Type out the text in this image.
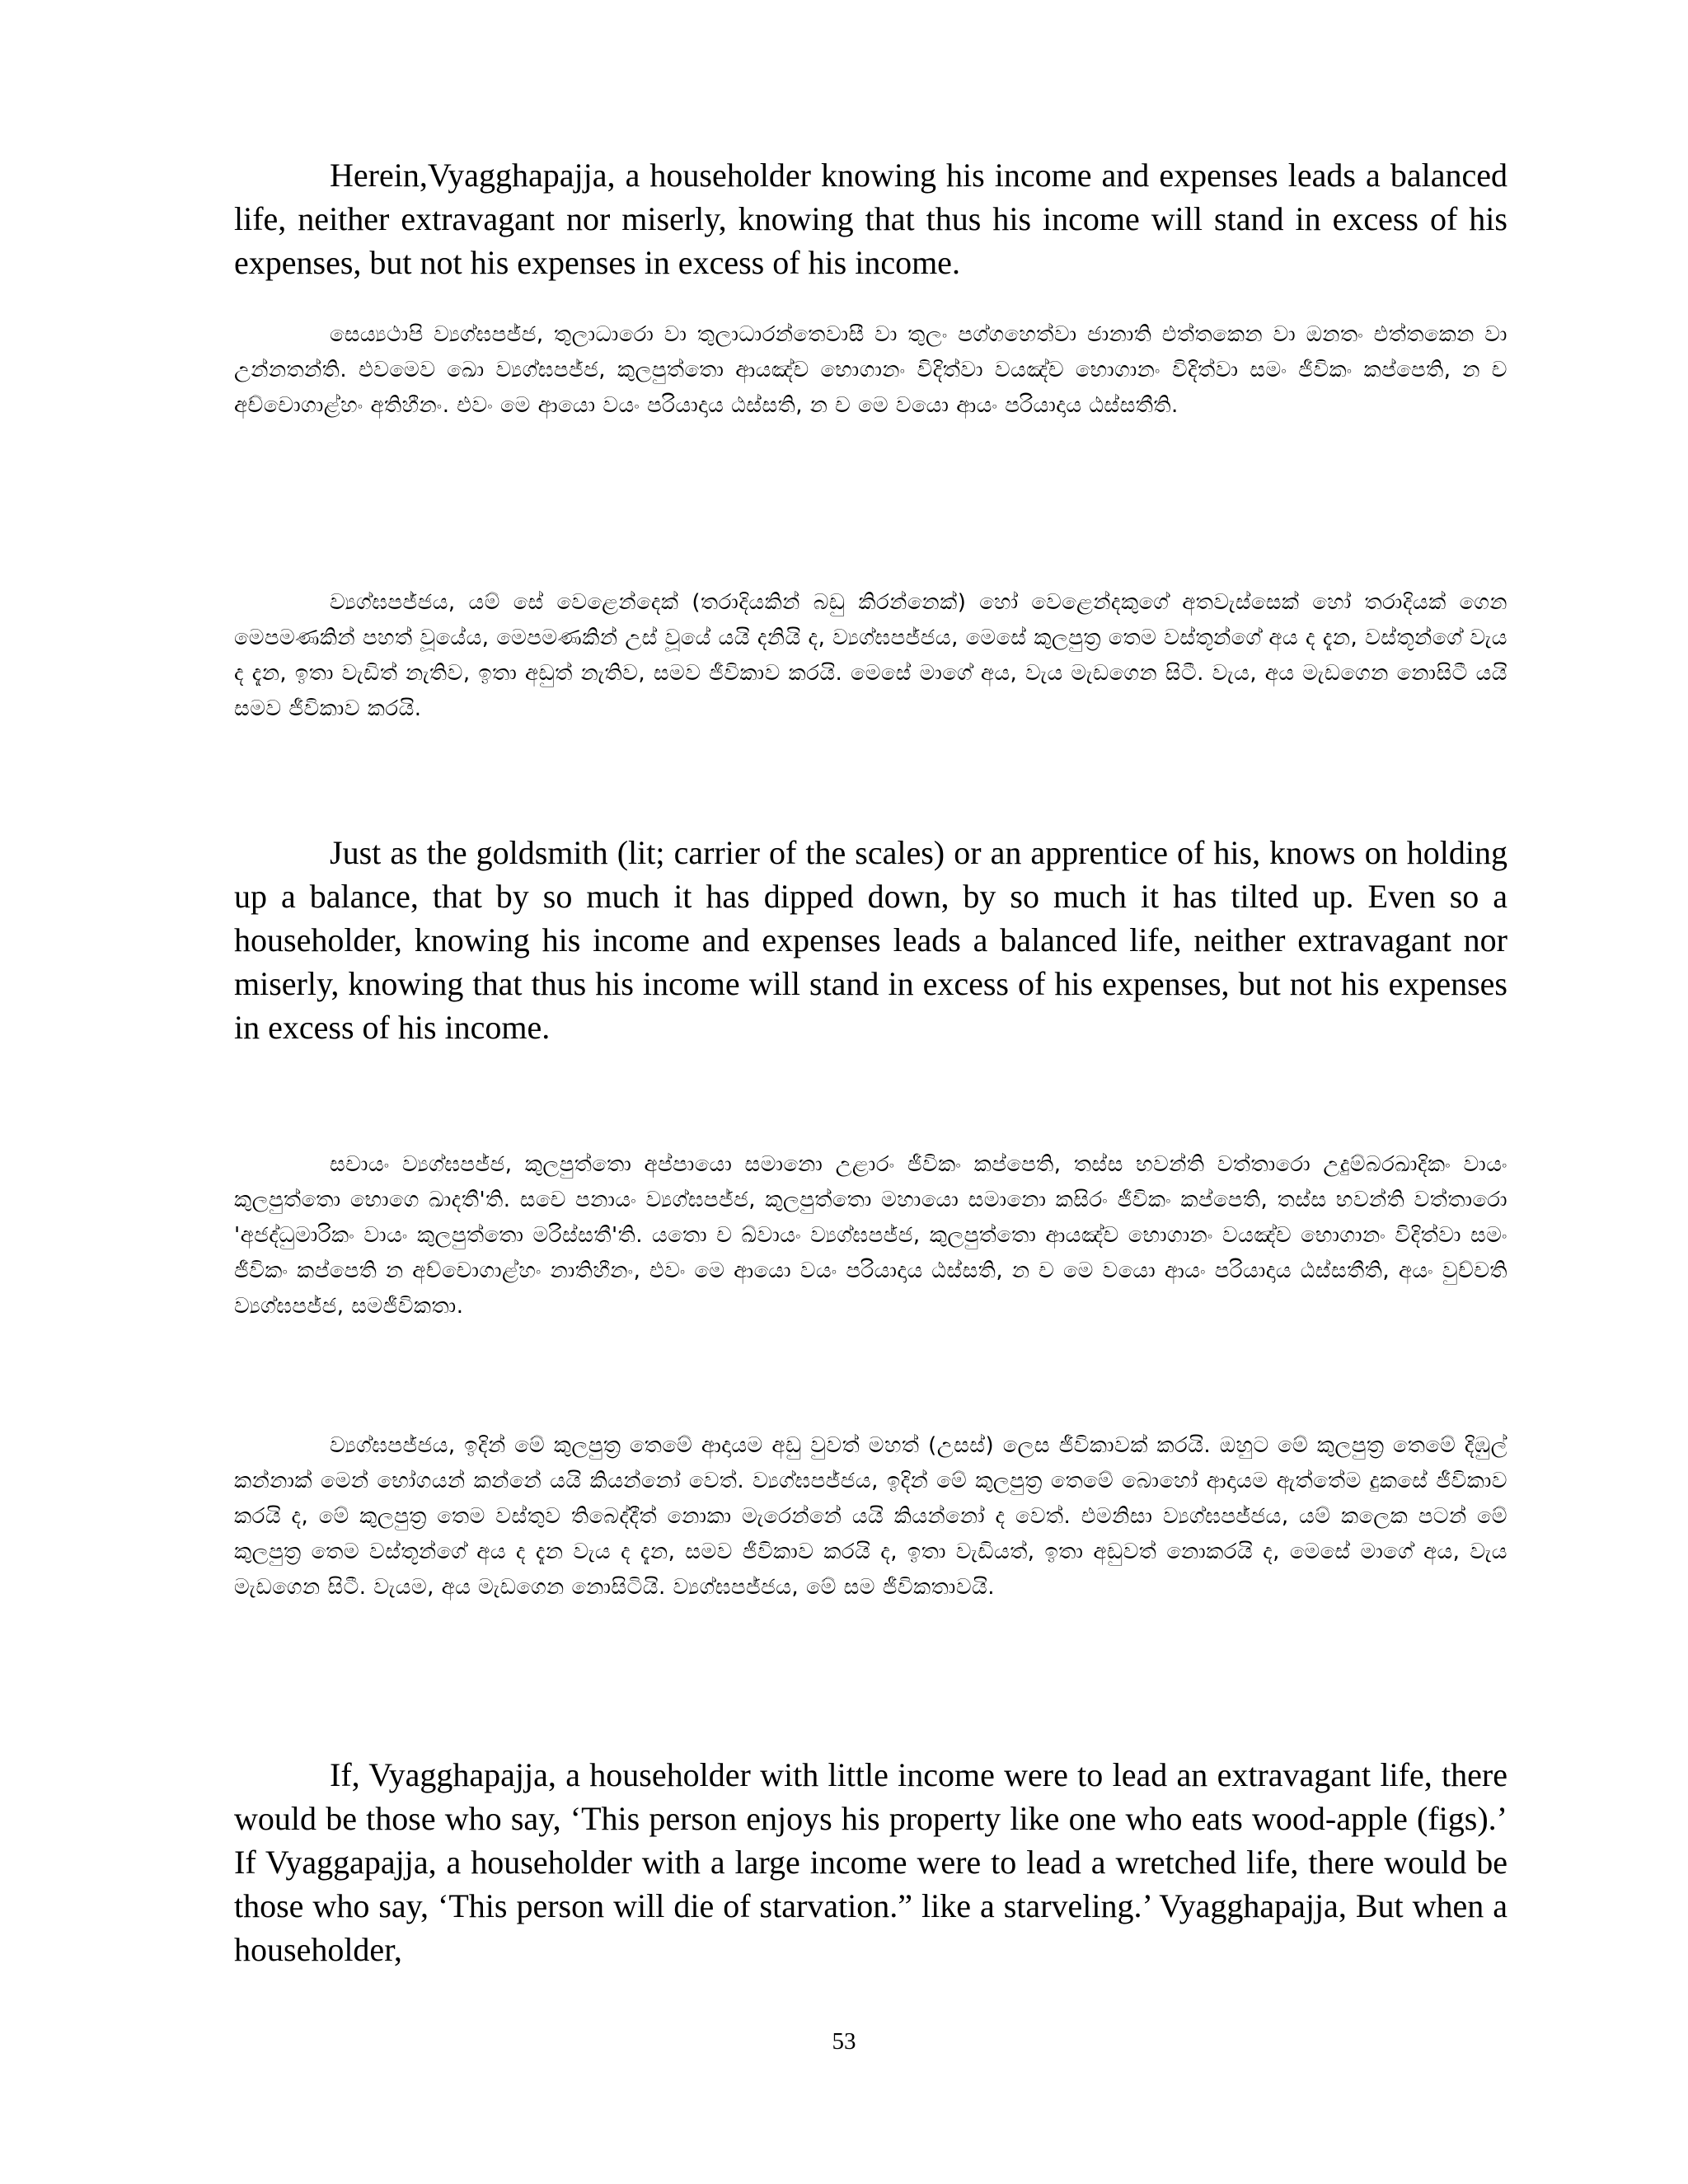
Herein,Vyagghapajja, a householder knowing his income and expenses leads a balanced life, neither extravagant nor miserly, knowing that thus his income will stand in excess of his expenses, but not his expenses in excess of his income.

සෙය්‍යථාපි ව්‍යග්ඝපජ්ජ, තුලාධාරො වා තුලාධාරන්තෙවාසී වා තුලං පග්ගහෙත්වා ජානාති එත්තකෙන වා ඔනතං එත්තකෙන වා උන්නතන්ති. එවමෙව ඛො ව්‍යග්ඝපජ්ජ, කුලපුත්තො ආයඤ්ච භොගානං විදිත්වා වයඤ්ච භොගානං විදිත්වා සමං ජීවිකං කප්පෙති, න ච අච්චොගාළ්හං අතිහීනං. එවං මෙ ආයො වයං පරියාදාය ඨස්සති, න ච මෙ වයො ආයං පරියාදාය ඨස්සතීති.

ව්‍යග්ඝපජ්ජය, යම් සේ වෙළෙන්දෙක් (තරාදියකින් බඩු කිරන්නෙක්) හෝ වෙළෙන්දකුගේ අතවැස්සෙක් හෝ තරාදියක් ගෙන මෙපමණකින් පහත් වූයේය, මෙපමණකින් උස් වූයේ යයි දනියි ද, ව්‍යග්ඝපජ්ජය, මෙසේ කුලපුත්‍ර තෙම වස්තූන්ගේ අය ද දැන, වස්තූන්ගේ වැය ද දැන, ඉතා වැඩිත් නැතිව, ඉතා අඩුත් නැතිව, සමව ජීවිකාව කරයි. මෙසේ මාගේ අය, වැය මැඩගෙන සිටී. වැය, අය මැඩගෙන නොසිටී යයි සමව ජීවිකාව කරයි.

Just as the goldsmith (lit; carrier of the scales) or an apprentice of his, knows on holding up a balance, that by so much it has dipped down, by so much it has tilted up. Even so a householder, knowing his income and expenses leads a balanced life, neither extravagant nor miserly, knowing that thus his income will stand in excess of his expenses, but not his expenses in excess of his income.

සචායං ව්‍යග්ඝපජ්ජ, කුලපුත්තො අප්පායො සමානො උළාරං ජීවිකං කප්පෙති, තස්ස භවන්ති වත්තාරො උදුම්බරඛාදිකං වායං කුලපුත්තො භොගෙ ඛාදතී'ති. සචෙ පනායං ව්‍යග්ඝපජ්ජ, කුලපුත්තො මහායො සමානො කසිරං ජීවිකං කප්පෙති, තස්ස භවන්ති වත්තාරො 'අජද්ධුමාරිකං වායං කුලපුත්තො මරිස්සතී'ති. යතො ච ඛ්වායං ව්‍යග්ඝපජ්ජ, කුලපුත්තො ආයඤ්ච භොගානං වයඤ්ච භොගානං විදිත්වා සමං ජීවිකං කප්පෙති න අච්චොගාළ්හං නාතිහීනං, එවං මෙ ආයො වයං පරියාදාය ඨස්සති, න ච මෙ වයො ආයං පරියාදාය ඨස්සතීති, අයං වුච්චති ව්‍යග්ඝපජ්ජ, සමජීවිකතා.

ව්‍යග්ඝපජ්ජය, ඉදින් මේ කුලපුත්‍ර තෙමේ ආදායම අඩු වුවත් මහත් (උසස්) ලෙස ජීවිකාවක් කරයි. ඔහුට මේ කුලපුත්‍ර තෙමේ දිඹුල් කන්නාක් මෙන් භෝගයන් කන්නේ යයි කියන්නෝ වෙත්. ව්‍යග්ඝපජ්ජය, ඉදින් මේ කුලපුත්‍ර තෙමේ බොහෝ ආදායම ඇත්තේම දුකසේ ජීවිකාව කරයි ද, මේ කුලපුත්‍ර තෙම වස්තුව තිබෙද්දීත් නොකා මැරෙන්නේ යයි කියන්නෝ ද වෙත්. එමනිසා ව්‍යග්ඝපජ්ජය, යම් කලෙක පටන් මේ කුලපුත්‍ර තෙම වස්තූන්ගේ අය ද දැන වැය ද දැන, සමව ජීවිකාව කරයි ද, ඉතා වැඩියත්, ඉතා අඩුවත් නොකරයි ද, මෙසේ මාගේ අය, වැය මැඩගෙන සිටී. වැයම, අය මැඩගෙන නොසිටියි. ව්‍යග්ඝපජ්ජය, මේ සම ජීවිකතාවයි.

If, Vyagghapajja, a householder with little income were to lead an extravagant life, there would be those who say, ‘This person enjoys his property like one who eats wood-apple (figs).’ If Vyaggapajja, a householder with a large income were to lead a wretched life, there would be those who say, ‘This person will die of starvation.” like a starveling.’ Vyagghapajja, But when a householder,

53
